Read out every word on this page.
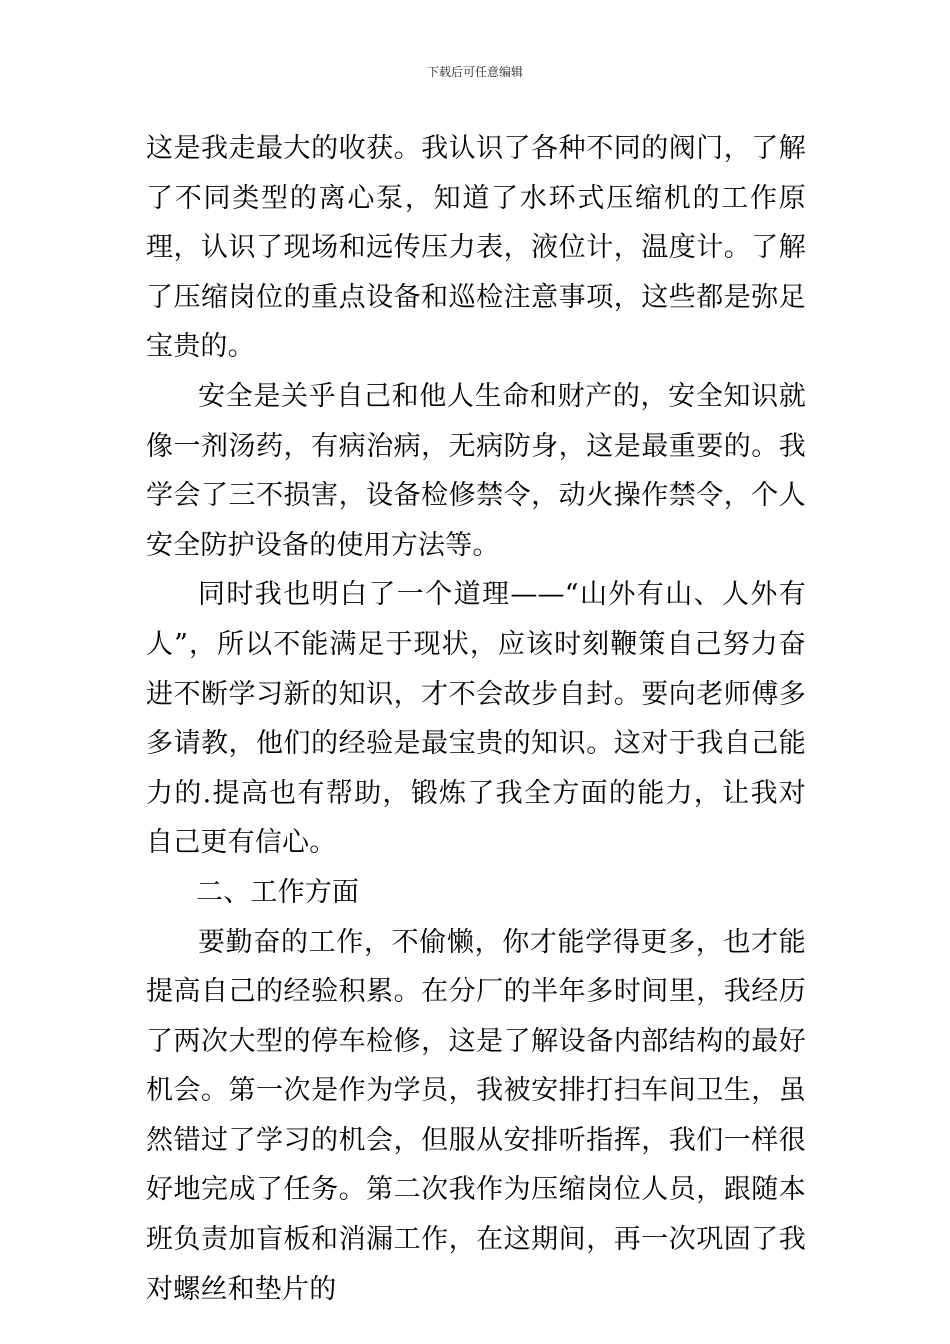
下载后可任意编辑

这是我走最大的收获。我认识了各种不同的阀门，了解了不同类型的离心泵，知道了水环式压缩机的工作原理，认识了现场和远传压力表，液位计，温度计。了解了压缩岗位的重点设备和巡检注意事项，这些都是弥足宝贵的。

安全是关乎自己和他人生命和财产的，安全知识就像一剂汤药，有病治病，无病防身，这是最重要的。我学会了三不损害，设备检修禁令，动火操作禁令，个人安全防护设备的使用方法等。

同时我也明白了一个道理——“山外有山、人外有人”，所以不能满足于现状，应该时刻鞭策自己努力奋进不断学习新的知识，才不会故步自封。要向老师傅多多请教，他们的经验是最宝贵的知识。这对于我自己能力的.提高也有帮助，锻炼了我全方面的能力，让我对自己更有信心。

二、工作方面

要勤奋的工作，不偷懒，你才能学得更多，也才能提高自己的经验积累。在分厂的半年多时间里，我经历了两次大型的停车检修，这是了解设备内部结构的最好机会。第一次是作为学员，我被安排打扫车间卫生，虽然错过了学习的机会，但服从安排听指挥，我们一样很好地完成了任务。第二次我作为压缩岗位人员，跟随本班负责加盲板和消漏工作，在这期间，再一次巩固了我对螺丝和垫片的
